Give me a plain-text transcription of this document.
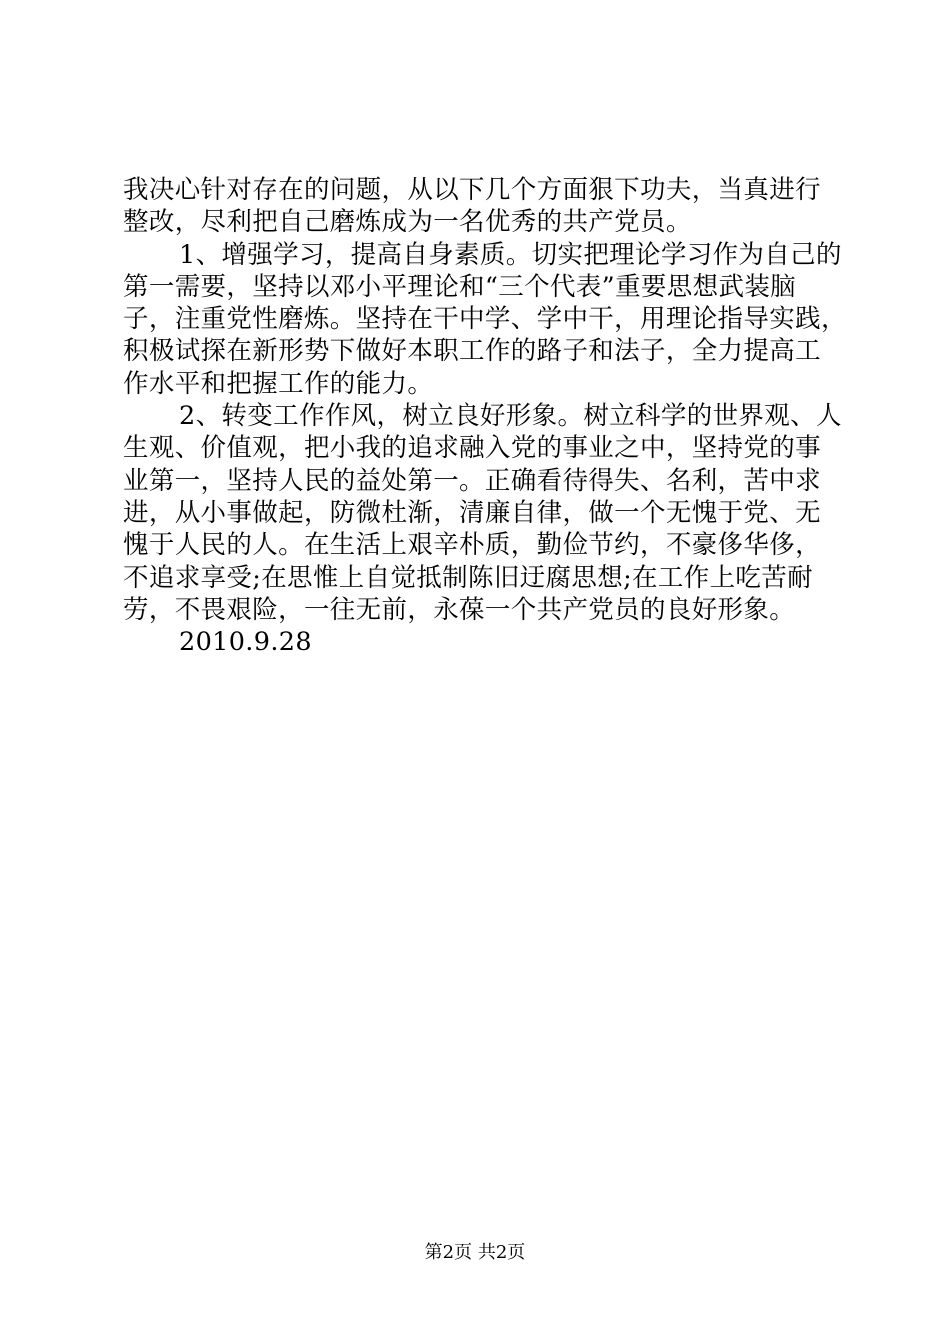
我决心针对存在的问题，从以下几个方面狠下功夫，当真进行
整改，尽利把自己磨炼成为一名优秀的共产党员。
1、增强学习，提高自身素质。切实把理论学习作为自己的
第一需要，坚持以邓小平理论和“三个代表”重要思想武装脑
子，注重党性磨炼。坚持在干中学、学中干，用理论指导实践，
积极试探在新形势下做好本职工作的路子和法子，全力提高工
作水平和把握工作的能力。
2、转变工作作风，树立良好形象。树立科学的世界观、人
生观、价值观，把小我的追求融入党的事业之中，坚持党的事
业第一，坚持人民的益处第一。正确看待得失、名利，苦中求
进，从小事做起，防微杜渐，清廉自律，做一个无愧于党、无
愧于人民的人。在生活上艰辛朴质，勤俭节约，不豪侈华侈，
不追求享受;在思惟上自觉抵制陈旧迂腐思想;在工作上吃苦耐
劳，不畏艰险，一往无前，永葆一个共产党员的良好形象。
2010.9.28
第2页 共2页
